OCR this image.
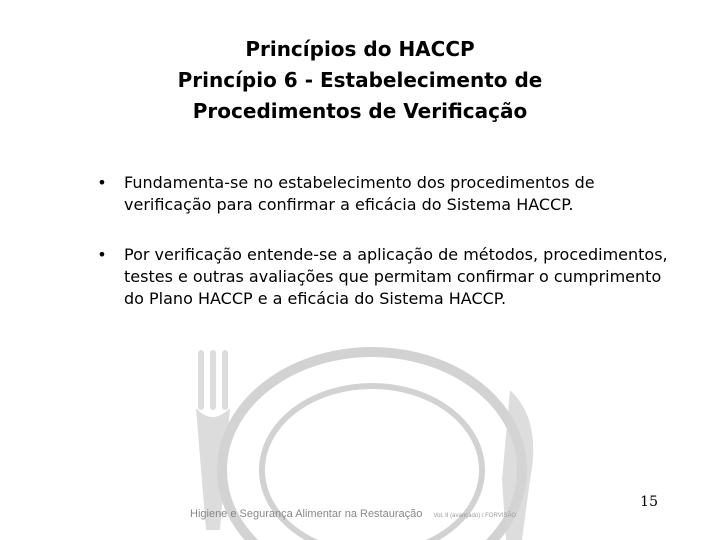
Princípios do HACCP
Princípio 6 - Estabelecimento de
Procedimentos de Verificação
• Fundamenta-se no estabelecimento dos procedimentos de verificação para confirmar a eficácia do Sistema HACCP.
• Por verificação entende-se a aplicação de métodos, procedimentos, testes e outras avaliações que permitam confirmar o cumprimento do Plano HACCP e a eficácia do Sistema HACCP.
15
Higiene e Segurança Alimentar na Restauração Vol. II (avançado) / FORVISÃO
